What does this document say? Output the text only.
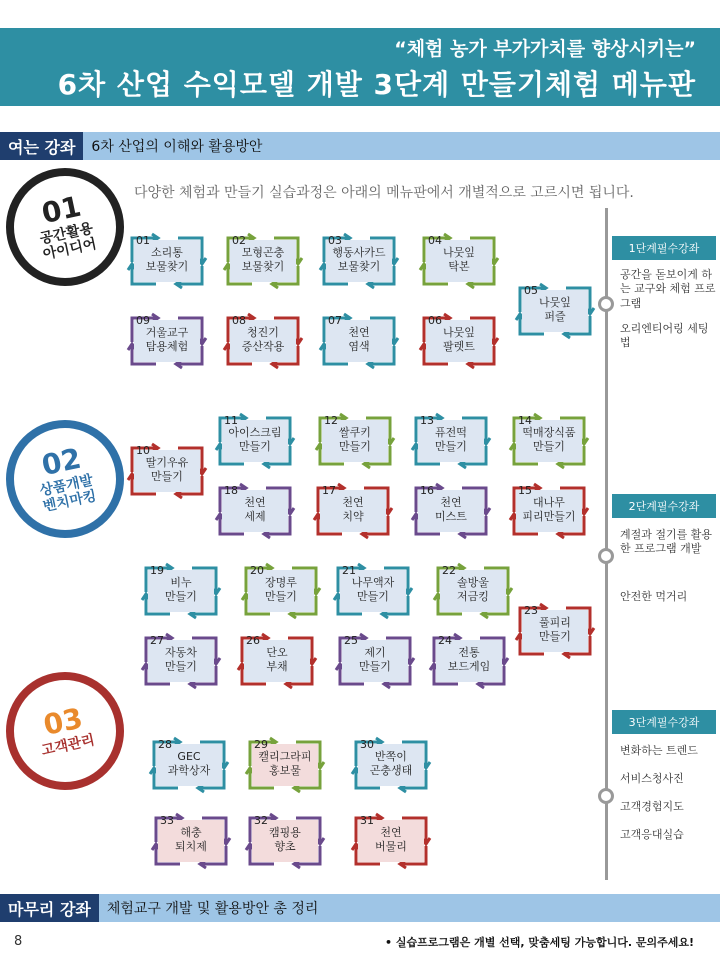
“체험 농가 부가가치를 향상시키는”
6차 산업 수익모델 개발 3단계 만들기체험 메뉴판
여는 강좌	6차 산업의 이해와 활용방안
다양한 체험과 만들기 실습과정은 아래의 메뉴판에서 개별적으로 고르시면 됩니다.
01
공간활용
아이디어
02
상품개발
벤치마킹
03
고객관리
소리통
보물찾기
01
모형곤충
보물찾기
02
행동사카드
보물찾기
03
나뭇잎
탁본
04
나뭇잎
퍼즐
05
나뭇잎
팔렛트
06
천연
염색
07
청진기
증산작용
08
거울교구
탐용체험
09
딸기우유
만들기
10
아이스크림
만들기
11
쌀쿠키
만들기
12
퓨전떡
만들기
13
떡매장식품
만들기
14
대나무
피리만들기
15
천연
미스트
16
천연
치약
17
천연
세제
18
비누
만들기
19
장명루
만들기
20
나무액자
만들기
21
솔방울
저금킹
22
풀피리
만들기
23
전통
보드게임
24
제기
만들기
25
단오
부채
26
자동차
만들기
27
GEC
과학상자
28
캘리그라피
홍보물
29
반쪽이
곤충생태
30
천연
버물리
31
캠핑용
향초
32
해충
퇴치제
33
1단계필수강좌
공간을 돋보이게 하는 교구와 체험 프로그램
오리엔티어링 세팅 법
2단계필수강좌
계절과 절기를 활용한 프로그램 개발
안전한 먹거리
3단계필수강좌
변화하는 트렌드
서비스청사진
고객경험지도
고객응대실습
마무리 강좌	체험교구 개발 및 활용방안 총 정리
8	• 실습프로그램은 개별 선택, 맞춤세팅 가능합니다. 문의주세요!
